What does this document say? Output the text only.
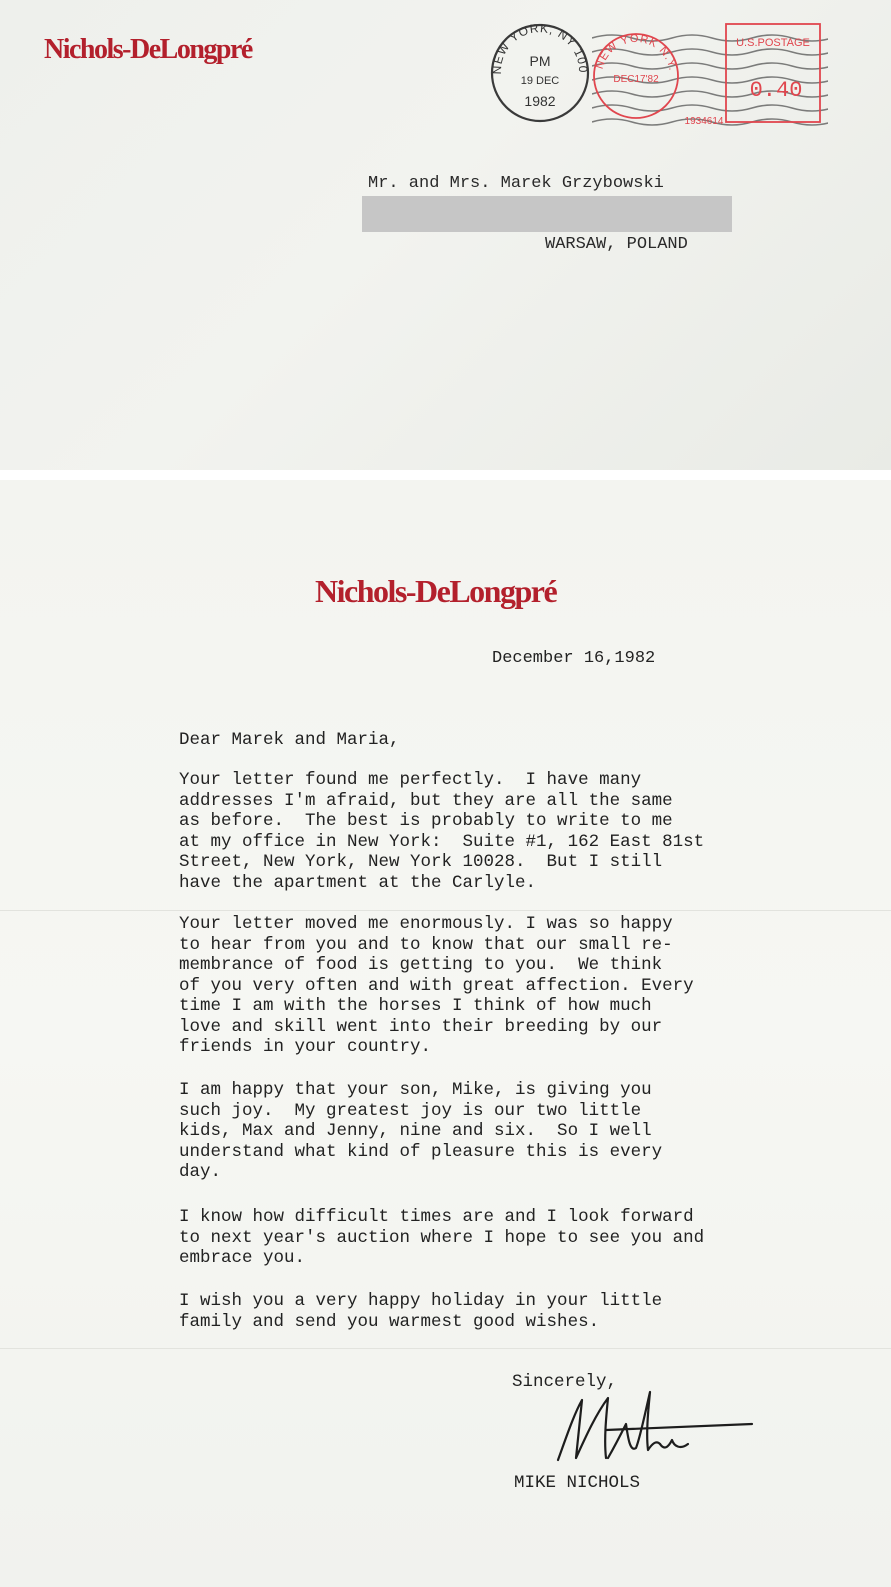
Nichols-DeLongpré
NEW YORK, NY 100
PM
19 DEC
1982
NEW YORK N.Y.
DEC17'82
U.S.POSTAGE
0.40
1934614
Mr. and Mrs. Marek Grzybowski
WARSAW, POLAND
Nichols-DeLongpré
December 16,1982
Dear Marek and Maria,

Your letter found me perfectly.  I have many
addresses I'm afraid, but they are all the same
as before.  The best is probably to write to me
at my office in New York:  Suite #1, 162 East 81st
Street, New York, New York 10028.  But I still
have the apartment at the Carlyle.

Your letter moved me enormously. I was so happy
to hear from you and to know that our small re-
membrance of food is getting to you.  We think
of you very often and with great affection. Every
time I am with the horses I think of how much
love and skill went into their breeding by our
friends in your country.

I am happy that your son, Mike, is giving you
such joy.  My greatest joy is our two little
kids, Max and Jenny, nine and six.  So I well
understand what kind of pleasure this is every
day.

I know how difficult times are and I look forward
to next year's auction where I hope to see you and
embrace you.

I wish you a very happy holiday in your little
family and send you warmest good wishes.

Sincerely,
MIKE NICHOLS
